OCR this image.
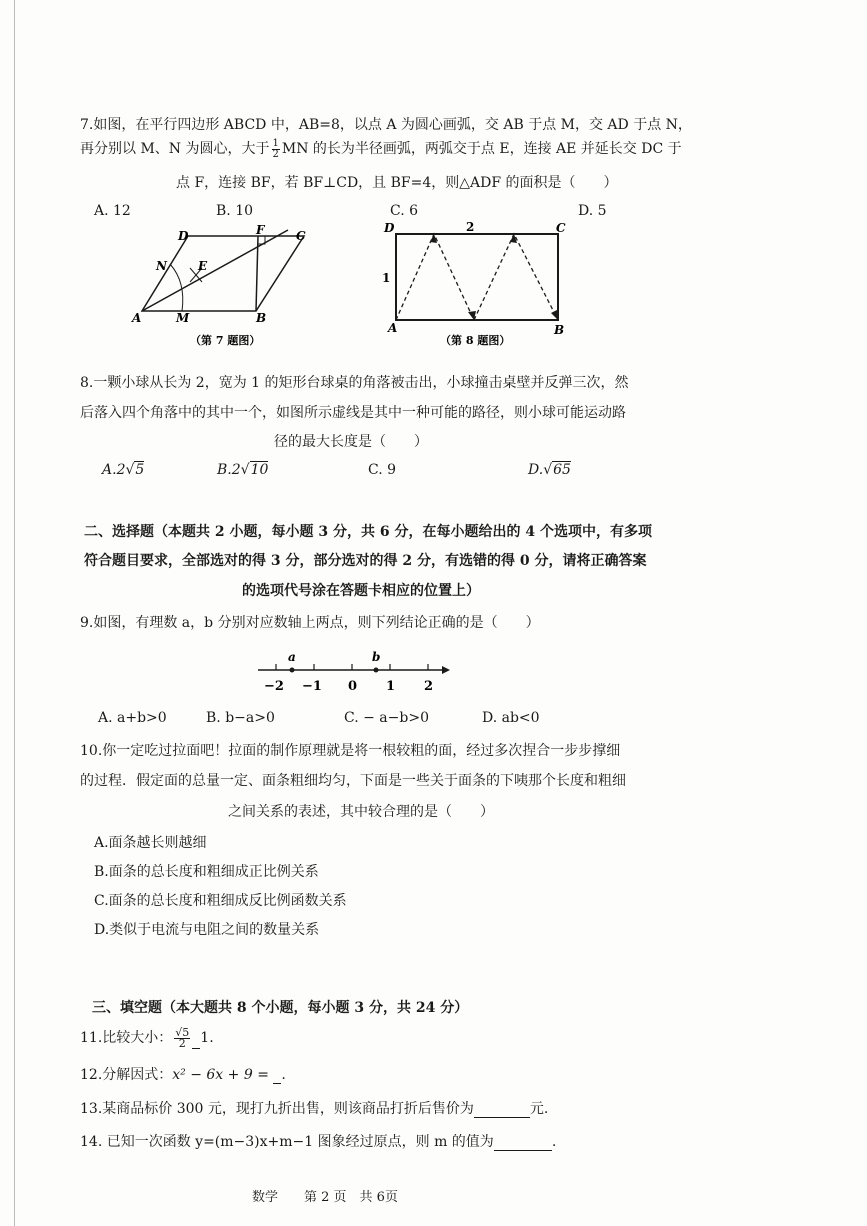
7.如图，在平行四边形 ABCD 中，AB=8，以点 A 为圆心画弧，交 AB 于点 M，交 AD 于点 N，
再分别以 M、N 为圆心，大于 $\frac{1}{2}$ MN 的长为半径画弧，两弧交于点 E，连接 AE 并延长交 DC 于
点 F，连接 BF，若 BF⊥CD，且 BF=4，则△ADF 的面积是（　　）
A. 12	B. 10	C. 6	D. 5
A	B
C
D
E
F
M
N
（第 7 题图）
A	B
C
D	2
1
（第 8 题图）
8.一颗小球从长为 2，宽为 1 的矩形台球桌的角落被击出，小球撞击桌壁并反弹三次，然
后落入四个角落中的其中一个，如图所示虚线是其中一种可能的路径，则小球可能运动路
径的最大长度是（　　）
A.2√5	B.2√10	C. 9	D.√65
二、选择题（本题共 2 小题，每小题 3 分，共 6 分，在每小题给出的 4 个选项中，有多项
符合题目要求，全部选对的得 3 分，部分选对的得 2 分，有选错的得 0 分，请将正确答案
的选项代号涂在答题卡相应的位置上）
9.如图，有理数 a，b 分别对应数轴上两点，则下列结论正确的是（　　）
a	b
−2 −1 0 1 2
A. a+b>0	B. b−a>0	C. − a−b>0	D. ab<0
10.你一定吃过拉面吧！拉面的制作原理就是将一根较粗的面，经过多次捏合一步步撑细
的过程．假定面的总量一定、面条粗细均匀，下面是一些关于面条的下咦那个长度和粗细
之间关系的表述，其中较合理的是（　　）
A.面条越长则越细
B.面条的总长度和粗细成正比例关系
C.面条的总长度和粗细成反比例函数关系
D.类似于电流与电阻之间的数量关系
三、填空题（本大题共 8 个小题，每小题 3 分，共 24 分）
11.比较大小： $\frac{√5}{2} 1$.
12.分解因式：x² − 6x + 9 = .
13.某商品标价 300 元，现打九折出售，则该商品打折后售价为	元.
14. 已知一次函数 y=(m−3)x+m−1 图象经过原点，则 m 的值为	.
数学　　第 2 页　共 6页
